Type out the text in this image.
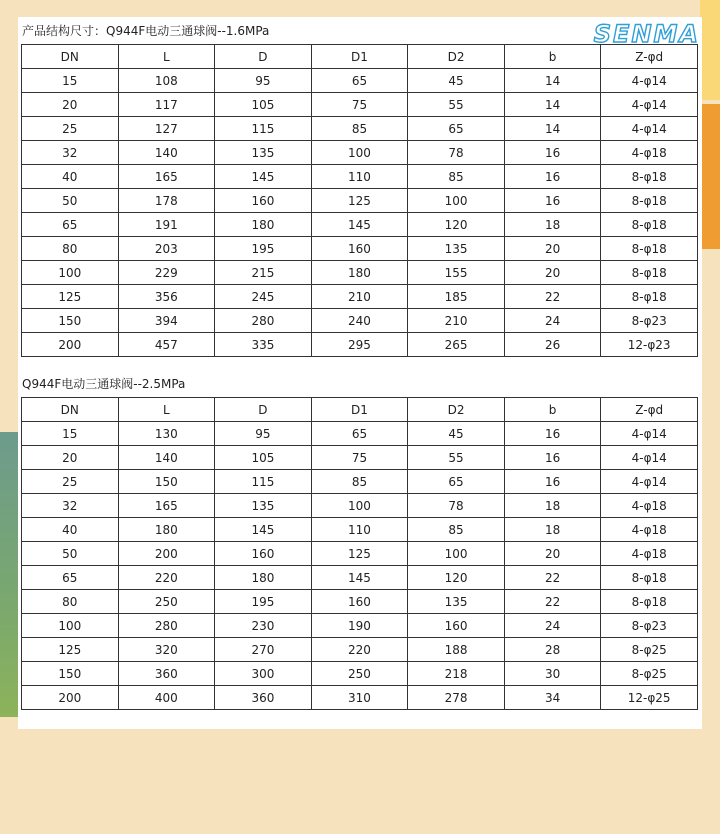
产品结构尺寸：Q944F电动三通球阀--1.6MPa	SENMA
DN	L	D	D1	D2	b	Z-φd
15	108	95	65	45	14	4-φ14
20	117	105	75	55	14	4-φ14
25	127	115	85	65	14	4-φ14
32	140	135	100	78	16	4-φ18
40	165	145	110	85	16	8-φ18
50	178	160	125	100	16	8-φ18
65	191	180	145	120	18	8-φ18
80	203	195	160	135	20	8-φ18
100	229	215	180	155	20	8-φ18
125	356	245	210	185	22	8-φ18
150	394	280	240	210	24	8-φ23
200	457	335	295	265	26	12-φ23
Q944F电动三通球阀--2.5MPa
DN	L	D	D1	D2	b	Z-φd
15	130	95	65	45	16	4-φ14
20	140	105	75	55	16	4-φ14
25	150	115	85	65	16	4-φ14
32	165	135	100	78	18	4-φ18
40	180	145	110	85	18	4-φ18
50	200	160	125	100	20	4-φ18
65	220	180	145	120	22	8-φ18
80	250	195	160	135	22	8-φ18
100	280	230	190	160	24	8-φ23
125	320	270	220	188	28	8-φ25
150	360	300	250	218	30	8-φ25
200	400	360	310	278	34	12-φ25
